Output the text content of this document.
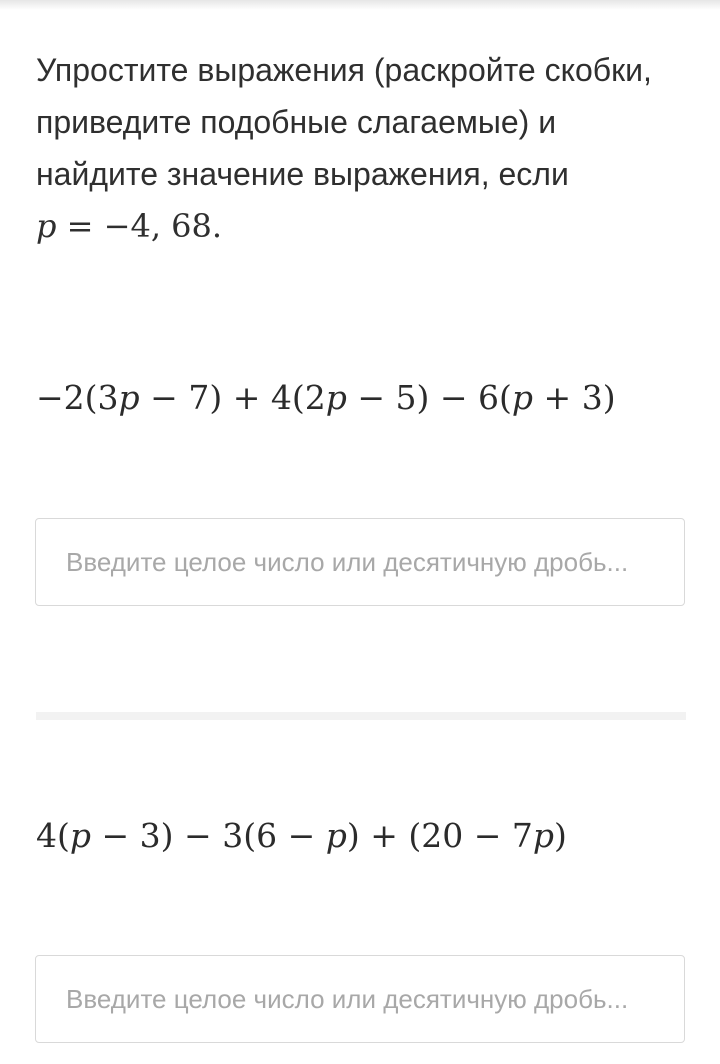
Упростите выражения (раскройте скобки,
приведите подобные слагаемые) и
найдите значение выражения, если
p = −4, 68.
−2(3p − 7) + 4(2p − 5) − 6(p + 3)
Введите целое число или десятичную дробь...
4(p − 3) − 3(6 − p) + (20 − 7p)
Введите целое число или десятичную дробь...
